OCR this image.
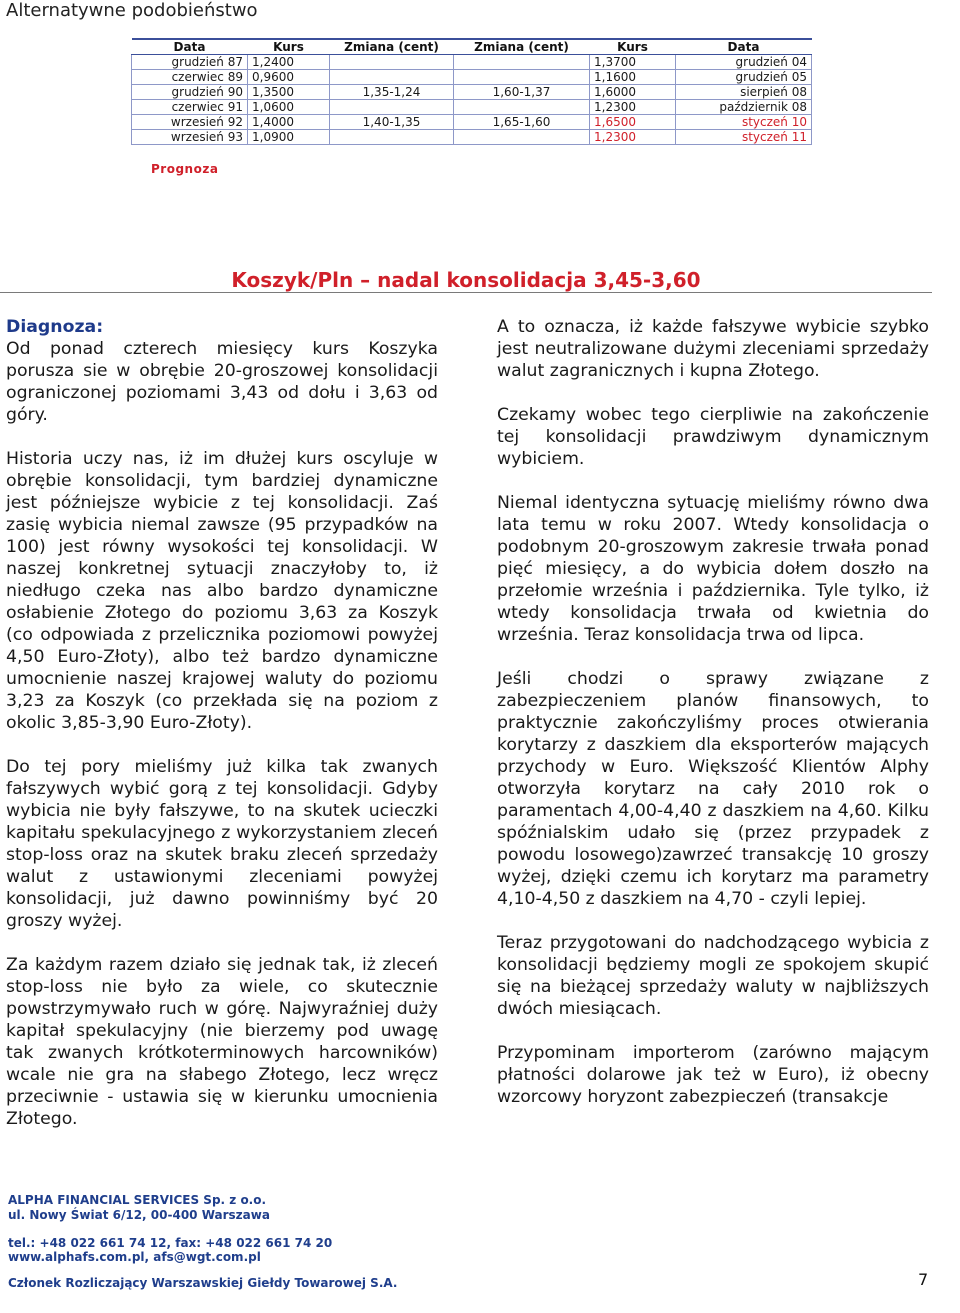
Alternatywne podobieństwo
Data	Kurs	Zmiana (cent)	Zmiana (cent)	Kurs	Data
grudzień 87	1,2400			1,3700	grudzień 04
czerwiec 89	0,9600			1,1600	grudzień 05
grudzień 90	1,3500	1,35-1,24	1,60-1,37	1,6000	sierpień 08
czerwiec 91	1,0600			1,2300	październik 08
wrzesień 92	1,4000	1,40-1,35	1,65-1,60	1,6500	styczeń 10
wrzesień 93	1,0900			1,2300	styczeń 11
Prognoza
Koszyk/Pln – nadal konsolidacja 3,45-3,60

Diagnoza:
Od ponad czterech miesięcy kurs Koszyka porusza sie w obrębie 20-groszowej konsolidacji ograniczonej poziomami 3,43 od dołu i 3,63 od góry.

Historia uczy nas, iż im dłużej kurs oscyluje w obrębie konsolidacji, tym bardziej dynamiczne jest późniejsze wybicie z tej konsolidacji. Zaś zasię wybicia niemal zawsze (95 przypadków na 100) jest równy wysokości tej konsolidacji. W naszej konkretnej sytuacji znaczyłoby to, iż niedługo czeka nas albo bardzo dynamiczne osłabienie Złotego do poziomu 3,63 za Koszyk (co odpowiada z przelicznika poziomowi powyżej 4,50 Euro-Złoty), albo też bardzo dynamiczne umocnienie naszej krajowej waluty do poziomu 3,23 za Koszyk (co przekłada się na poziom z okolic 3,85-3,90 Euro-Złoty).

Do tej pory mieliśmy już kilka tak zwanych fałszywych wybić gorą z tej konsolidacji. Gdyby wybicia nie były fałszywe, to na skutek ucieczki kapitału spekulacyjnego z wykorzystaniem zleceń stop-loss oraz na skutek braku zleceń sprzedaży walut z ustawionymi zleceniami powyżej konsolidacji, już dawno powinniśmy być 20 groszy wyżej.

Za każdym razem działo się jednak tak, iż zleceń stop-loss nie było za wiele, co skutecznie powstrzymywało ruch w górę. Najwyraźniej duży kapitał spekulacyjny (nie bierzemy pod uwagę tak zwanych krótkoterminowych harcowników) wcale nie gra na słabego Złotego, lecz wręcz przeciwnie - ustawia się w kierunku umocnienia Złotego.

A to oznacza, iż każde fałszywe wybicie szybko jest neutralizowane dużymi zleceniami sprzedaży walut zagranicznych i kupna Złotego.

Czekamy wobec tego cierpliwie na zakończenie tej konsolidacji prawdziwym dynamicznym wybiciem.

Niemal identyczna sytuację mieliśmy równo dwa lata temu w roku 2007. Wtedy konsolidacja o podobnym 20-groszowym zakresie trwała ponad pięć miesięcy, a do wybicia dołem doszło na przełomie września i października. Tyle tylko, iż wtedy konsolidacja trwała od kwietnia do września. Teraz konsolidacja trwa od lipca.

Jeśli chodzi o sprawy związane z zabezpieczeniem planów finansowych, to praktycznie zakończyliśmy proces otwierania korytarzy z daszkiem dla eksporterów mających przychody w Euro. Większość Klientów Alphy otworzyła korytarz na cały 2010 rok o paramentach 4,00-4,40 z daszkiem na 4,60. Kilku spóźnialskim udało się (przez przypadek z powodu losowego)zawrzeć transakcję 10 groszy wyżej, dzięki czemu ich korytarz ma parametry 4,10-4,50 z daszkiem na 4,70 - czyli lepiej.

Teraz przygotowani do nadchodzącego wybicia z konsolidacji będziemy mogli ze spokojem skupić się na bieżącej sprzedaży waluty w najbliższych dwóch miesiącach.

Przypominam importerom (zarówno mającym płatności dolarowe jak też w Euro), iż obecny wzorcowy horyzont zabezpieczeń (transakcje

ALPHA FINANCIAL SERVICES Sp. z o.o.
ul. Nowy Świat 6/12, 00-400 Warszawa
tel.: +48 022 661 74 12, fax: +48 022 661 74 20
www.alphafs.com.pl, afs@wgt.com.pl
Członek Rozliczający Warszawskiej Giełdy Towarowej S.A.	7
